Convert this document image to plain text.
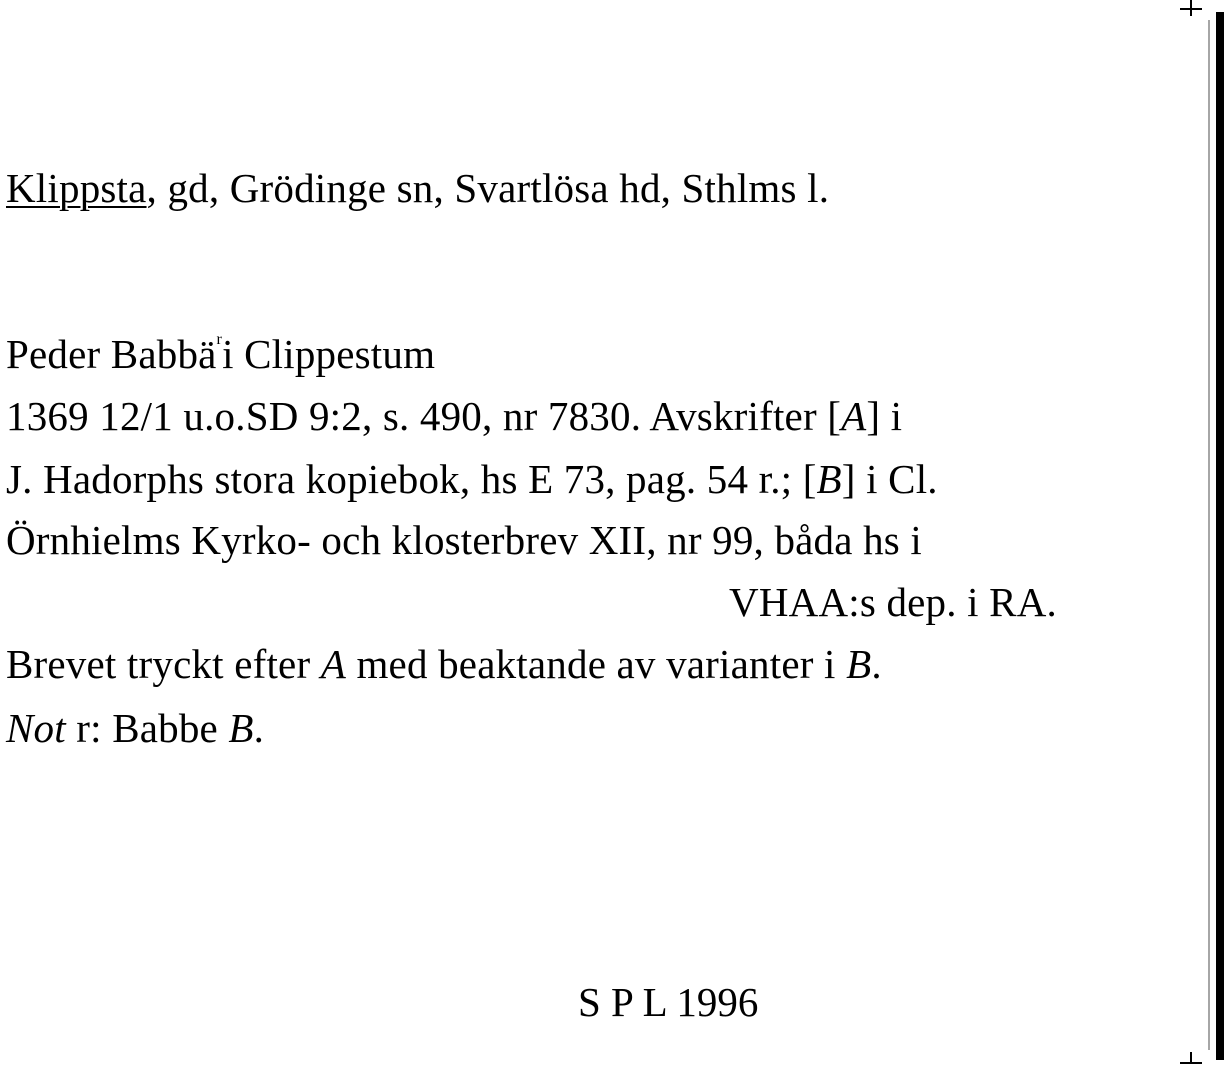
Klippsta, gd, Grödinge sn, Svartlösa hd, Sthlms l.
Peder Babbä$^r$i Clippestum
1369 12/1 u.o.SD 9:2, s. 490, nr 7830. Avskrifter [A] i
J. Hadorphs stora kopiebok, hs E 73, pag. 54 r.; [B] i Cl.
Örnhielms Kyrko- och klosterbrev XII, nr 99, båda hs i
VHAA:s dep. i RA.
Brevet tryckt efter A med beaktande av varianter i B.
Not r: Babbe B.
S P L 1996
